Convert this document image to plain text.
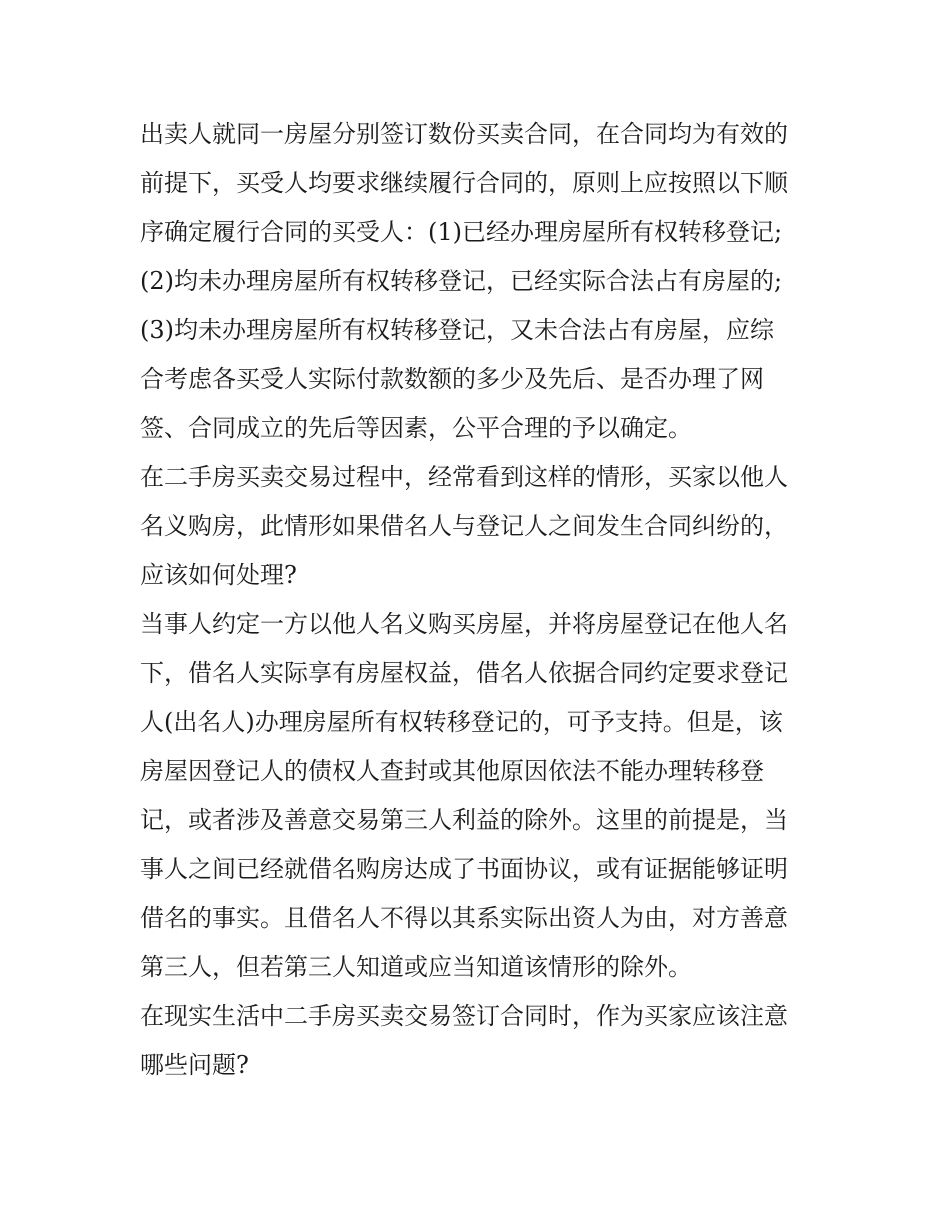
出卖人就同一房屋分别签订数份买卖合同，在合同均为有效的
前提下，买受人均要求继续履行合同的，原则上应按照以下顺
序确定履行合同的买受人：(1)已经办理房屋所有权转移登记;
(2)均未办理房屋所有权转移登记，已经实际合法占有房屋的;
(3)均未办理房屋所有权转移登记，又未合法占有房屋，应综
合考虑各买受人实际付款数额的多少及先后、是否办理了网
签、合同成立的先后等因素，公平合理的予以确定。
在二手房买卖交易过程中，经常看到这样的情形，买家以他人
名义购房，此情形如果借名人与登记人之间发生合同纠纷的，
应该如何处理?
当事人约定一方以他人名义购买房屋，并将房屋登记在他人名
下，借名人实际享有房屋权益，借名人依据合同约定要求登记
人(出名人)办理房屋所有权转移登记的，可予支持。但是，该
房屋因登记人的债权人查封或其他原因依法不能办理转移登
记，或者涉及善意交易第三人利益的除外。这里的前提是，当
事人之间已经就借名购房达成了书面协议，或有证据能够证明
借名的事实。且借名人不得以其系实际出资人为由，对方善意
第三人，但若第三人知道或应当知道该情形的除外。
在现实生活中二手房买卖交易签订合同时，作为买家应该注意
哪些问题?
